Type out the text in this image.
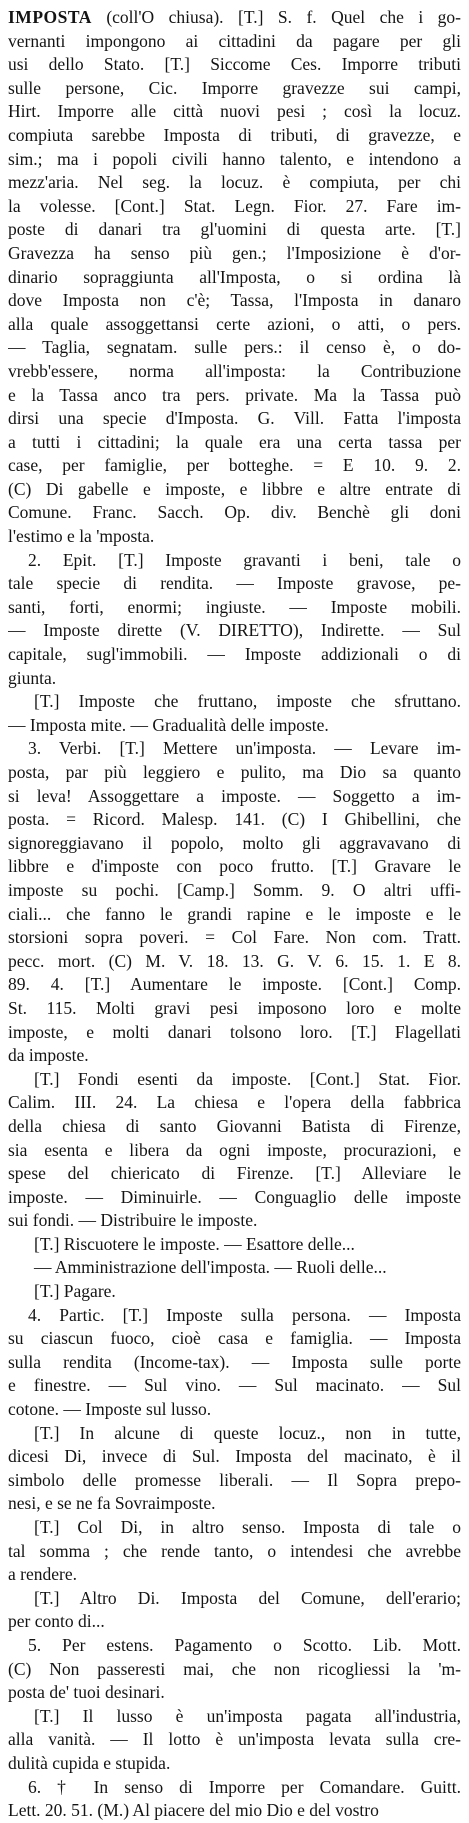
IMPOSTA (coll'O chiusa). [T.] S. f. Quel che i go-
vernanti impongono ai cittadini da pagare per gli
usi dello Stato. [T.] Siccome Ces. Imporre tributi
sulle persone, Cic. Imporre gravezze sui campi,
Hirt. Imporre alle città nuovi pesi ; così la locuz.
compiuta sarebbe Imposta di tributi, di gravezze, e
sim.; ma i popoli civili hanno talento, e intendono a
mezz'aria. Nel seg. la locuz. è compiuta, per chi
la volesse. [Cont.] Stat. Legn. Fior. 27. Fare im-
poste di danari tra gl'uomini di questa arte. [T.]
Gravezza ha senso più gen.; l'Imposizione è d'or-
dinario sopraggiunta all'Imposta, o si ordina là
dove Imposta non c'è; Tassa, l'Imposta in danaro
alla quale assoggettansi certe azioni, o atti, o pers.
— Taglia, segnatam. sulle pers.: il censo è, o do-
vrebb'essere, norma all'imposta: la Contribuzione
e la Tassa anco tra pers. private. Ma la Tassa può
dirsi una specie d'Imposta. G. Vill. Fatta l'imposta
a tutti i cittadini; la quale era una certa tassa per
case, per famiglie, per botteghe. = E 10. 9. 2.
(C) Di gabelle e imposte, e libbre e altre entrate di
Comune. Franc. Sacch. Op. div. Benchè gli doni
l'estimo e la 'mposta.
2. Epit. [T.] Imposte gravanti i beni, tale o
tale specie di rendita. — Imposte gravose, pe-
santi, forti, enormi; ingiuste. — Imposte mobili.
— Imposte dirette (V. DIRETTO), Indirette. — Sul
capitale, sugl'immobili. — Imposte addizionali o di
giunta.
[T.] Imposte che fruttano, imposte che sfruttano.
— Imposta mite. — Gradualità delle imposte.
3. Verbi. [T.] Mettere un'imposta. — Levare im-
posta, par più leggiero e pulito, ma Dio sa quanto
si leva! Assoggettare a imposte. — Soggetto a im-
posta. = Ricord. Malesp. 141. (C) I Ghibellini, che
signoreggiavano il popolo, molto gli aggravavano di
libbre e d'imposte con poco frutto. [T.] Gravare le
imposte su pochi. [Camp.] Somm. 9. O altri uffi-
ciali... che fanno le grandi rapine e le imposte e le
storsioni sopra poveri. = Col Fare. Non com. Tratt.
pecc. mort. (C) M. V. 18. 13. G. V. 6. 15. 1. E 8.
89. 4. [T.] Aumentare le imposte. [Cont.] Comp.
St. 115. Molti gravi pesi imposono loro e molte
imposte, e molti danari tolsono loro. [T.] Flagellati
da imposte.
[T.] Fondi esenti da imposte. [Cont.] Stat. Fior.
Calim. III. 24. La chiesa e l'opera della fabbrica
della chiesa di santo Giovanni Batista di Firenze,
sia esenta e libera da ogni imposte, procurazioni, e
spese del chiericato di Firenze. [T.] Alleviare le
imposte. — Diminuirle. — Conguaglio delle imposte
sui fondi. — Distribuire le imposte.
[T.] Riscuotere le imposte. — Esattore delle...
— Amministrazione dell'imposta. — Ruoli delle...
[T.] Pagare.
4. Partic. [T.] Imposte sulla persona. — Imposta
su ciascun fuoco, cioè casa e famiglia. — Imposta
sulla rendita (Income-tax). — Imposta sulle porte
e finestre. — Sul vino. — Sul macinato. — Sul
cotone. — Imposte sul lusso.
[T.] In alcune di queste locuz., non in tutte,
dicesi Di, invece di Sul. Imposta del macinato, è il
simbolo delle promesse liberali. — Il Sopra prepo-
nesi, e se ne fa Sovraimposte.
[T.] Col Di, in altro senso. Imposta di tale o
tal somma ; che rende tanto, o intendesi che avrebbe
a rendere.
[T.] Altro Di. Imposta del Comune, dell'erario;
per conto di...
5. Per estens. Pagamento o Scotto. Lib. Mott.
(C) Non passeresti mai, che non ricogliessi la 'm-
posta de' tuoi desinari.
[T.] Il lusso è un'imposta pagata all'industria,
alla vanità. — Il lotto è un'imposta levata sulla cre-
dulità cupida e stupida.
6. † In senso di Imporre per Comandare. Guitt.
Lett. 20. 51. (M.) Al piacere del mio Dio e del vostro
